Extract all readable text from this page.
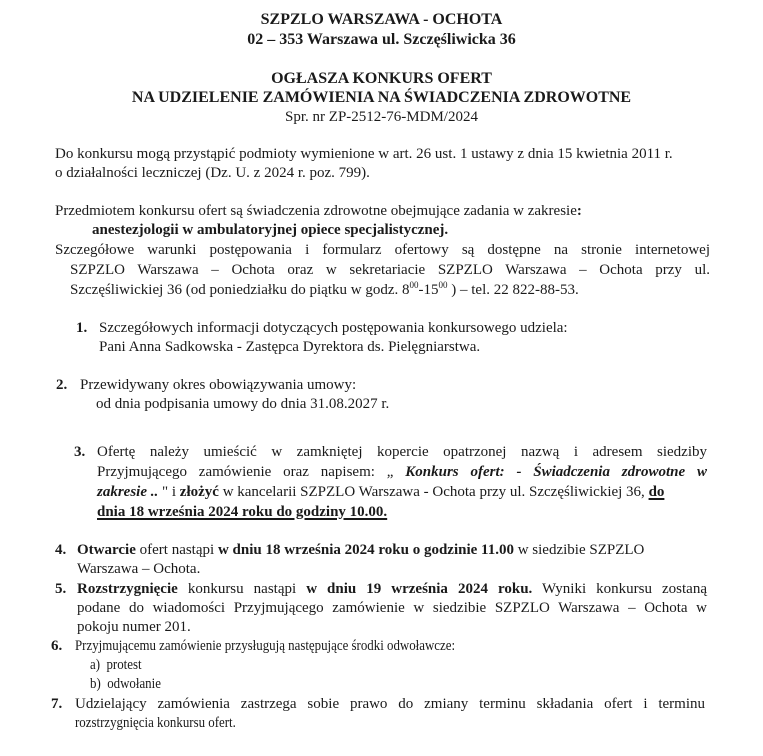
SZPZLO WARSZAWA - OCHOTA
02 – 353 Warszawa ul. Szczęśliwicka 36
OGŁASZA KONKURS OFERT
NA UDZIELENIE ZAMÓWIENIA NA ŚWIADCZENIA ZDROWOTNE
Spr. nr ZP-2512-76-MDM/2024
Do konkursu mogą przystąpić podmioty wymienione w art. 26 ust. 1 ustawy z dnia 15 kwietnia 2011 r.
o działalności leczniczej (Dz. U. z 2024 r. poz. 799).
Przedmiotem konkursu ofert są świadczenia zdrowotne obejmujące zadania w zakresie:
anestezjologii w ambulatoryjnej opiece specjalistycznej.
Szczegółowe warunki postępowania i formularz ofertowy są dostępne na stronie internetowej
SZPZLO Warszawa – Ochota oraz w sekretariacie SZPZLO Warszawa – Ochota przy ul.
Szczęśliwickiej 36 (od poniedziałku do piątku w godz. $8^{00}-15^{00}$ ) – tel. 22 822-88-53.
1. Szczegółowych informacji dotyczących postępowania konkursowego udziela:
Pani Anna Sadkowska - Zastępca Dyrektora ds. Pielęgniarstwa.
2. Przewidywany okres obowiązywania umowy:
od dnia podpisania umowy do dnia 31.08.2027 r.
3. Ofertę należy umieścić w zamkniętej kopercie opatrzonej nazwą i adresem siedziby
Przyjmującego zamówienie oraz napisem: „ Konkurs ofert: - Świadczenia zdrowotne w
zakresie .. " i złożyć w kancelarii SZPZLO Warszawa - Ochota przy ul. Szczęśliwickiej 36, do
dnia 18 września 2024 roku do godziny 10.00.
4. Otwarcie ofert nastąpi w dniu 18 września 2024 roku o godzinie 11.00 w siedzibie SZPZLO
Warszawa – Ochota.
5. Rozstrzygnięcie konkursu nastąpi w dniu 19 września 2024 roku. Wyniki konkursu zostaną
podane do wiadomości Przyjmującego zamówienie w siedzibie SZPZLO Warszawa – Ochota w
pokoju numer 201.
6. Przyjmującemu zamówienie przysługują następujące środki odwoławcze:
a) protest
b) odwołanie
7. Udzielający zamówienia zastrzega sobie prawo do zmiany terminu składania ofert i terminu
rozstrzygnięcia konkursu ofert.
